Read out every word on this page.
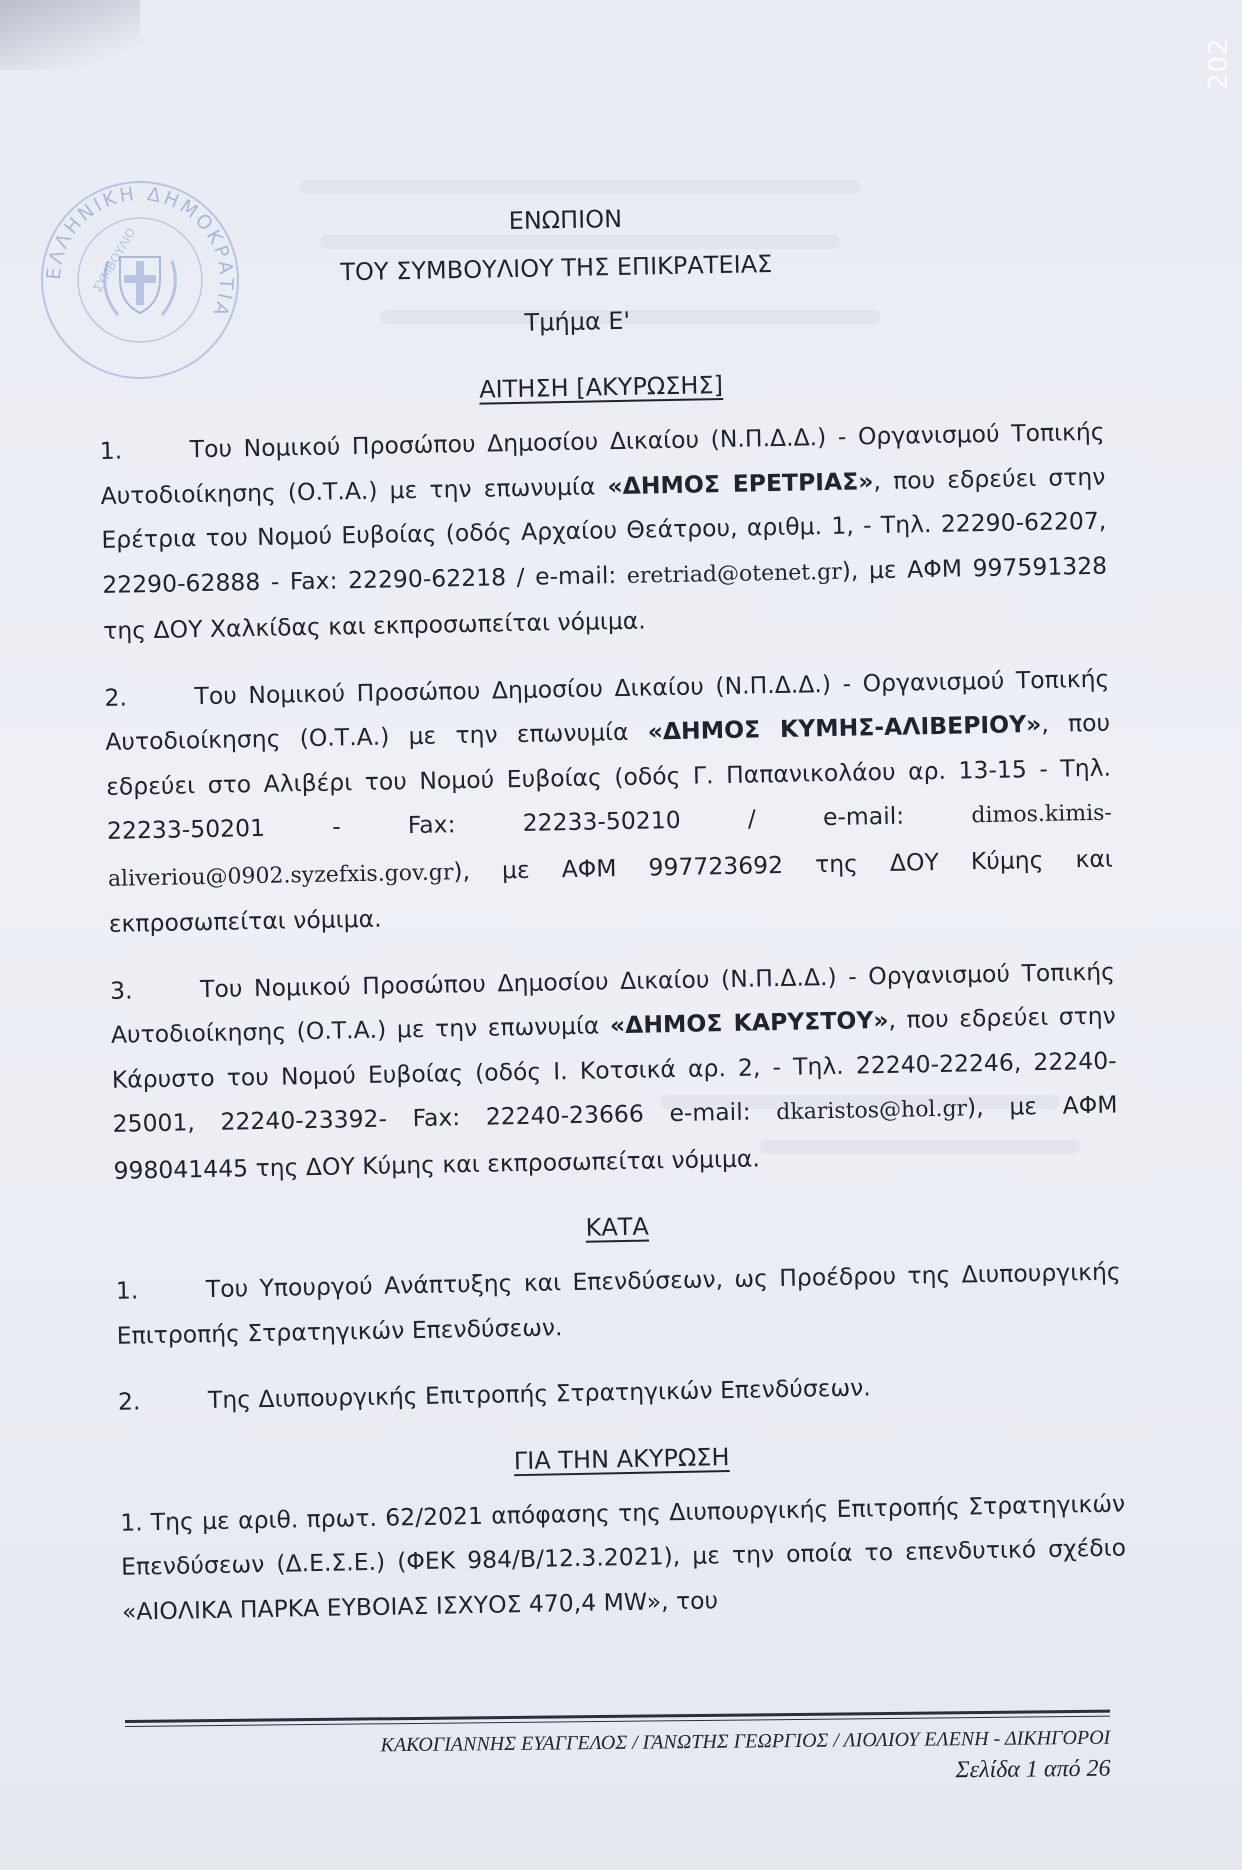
202
ΕΛΛΗΝΙΚΗ ΔΗΜΟΚΡΑΤΙΑ
ΣΥΜΒΟΥΛΙΟ
ΕΝΩΠΙΟΝ
ΤΟΥ ΣΥΜΒΟΥΛΙΟΥ ΤΗΣ ΕΠΙΚΡΑΤΕΙΑΣ
Τμήμα Ε'
ΑΙΤΗΣΗ [ΑΚΥΡΩΣΗΣ]
1.	Του Νομικού Προσώπου Δημοσίου Δικαίου (Ν.Π.Δ.Δ.) - Οργανισμού Τοπικής Αυτοδιοίκησης (Ο.Τ.Α.) με την επωνυμία «ΔΗΜΟΣ ΕΡΕΤΡΙΑΣ», που εδρεύει στην Ερέτρια του Νομού Ευβοίας (οδός Αρχαίου Θεάτρου, αριθμ. 1, - Τηλ. 22290-62207, 22290-62888 - Fax: 22290-62218 / e-mail: eretriad@otenet.gr), με ΑΦΜ 997591328 της ΔΟΥ Χαλκίδας και εκπροσωπείται νόμιμα.
2.	Του Νομικού Προσώπου Δημοσίου Δικαίου (Ν.Π.Δ.Δ.) - Οργανισμού Τοπικής Αυτοδιοίκησης (Ο.Τ.Α.) με την επωνυμία «ΔΗΜΟΣ ΚΥΜΗΣ-ΑΛΙΒΕΡΙΟΥ», που εδρεύει στο Αλιβέρι του Νομού Ευβοίας (οδός Γ. Παπανικολάου αρ. 13-15 - Τηλ. 22233-50201 - Fax: 22233-50210 / e-mail: dimos.kimis-aliveriou@0902.syzefxis.gov.gr), με ΑΦΜ 997723692 της ΔΟΥ Κύμης και εκπροσωπείται νόμιμα.
3.	Του Νομικού Προσώπου Δημοσίου Δικαίου (Ν.Π.Δ.Δ.) - Οργανισμού Τοπικής Αυτοδιοίκησης (Ο.Τ.Α.) με την επωνυμία «ΔΗΜΟΣ ΚΑΡΥΣΤΟΥ», που εδρεύει στην Κάρυστο του Νομού Ευβοίας (οδός Ι. Κοτσικά αρ. 2, - Τηλ. 22240-22246, 22240-25001, 22240-23392- Fax: 22240-23666 e-mail: dkaristos@hol.gr), με ΑΦΜ 998041445 της ΔΟΥ Κύμης και εκπροσωπείται νόμιμα.
ΚΑΤΑ
1.	Του Υπουργού Ανάπτυξης και Επενδύσεων, ως Προέδρου της Διυπουργικής Επιτροπής Στρατηγικών Επενδύσεων.
2.	Της Διυπουργικής Επιτροπής Στρατηγικών Επενδύσεων.
ΓΙΑ ΤΗΝ ΑΚΥΡΩΣΗ
1. Της με αριθ. πρωτ. 62/2021 απόφασης της Διυπουργικής Επιτροπής Στρατηγικών Επενδύσεων (Δ.Ε.Σ.Ε.) (ΦΕΚ 984/Β/12.3.2021), με την οποία το επενδυτικό σχέδιο «ΑΙΟΛΙΚΑ ΠΑΡΚΑ ΕΥΒΟΙΑΣ ΙΣΧΥΟΣ 470,4 MW», του
ΚΑΚΟΓΙΑΝΝΗΣ ΕΥΑΓΓΕΛΟΣ / ΓΑΝΩΤΗΣ ΓΕΩΡΓΙΟΣ / ΛΙΟΛΙΟΥ ΕΛΕΝΗ - ΔΙΚΗΓΟΡΟΙ
Σελίδα 1 από 26
